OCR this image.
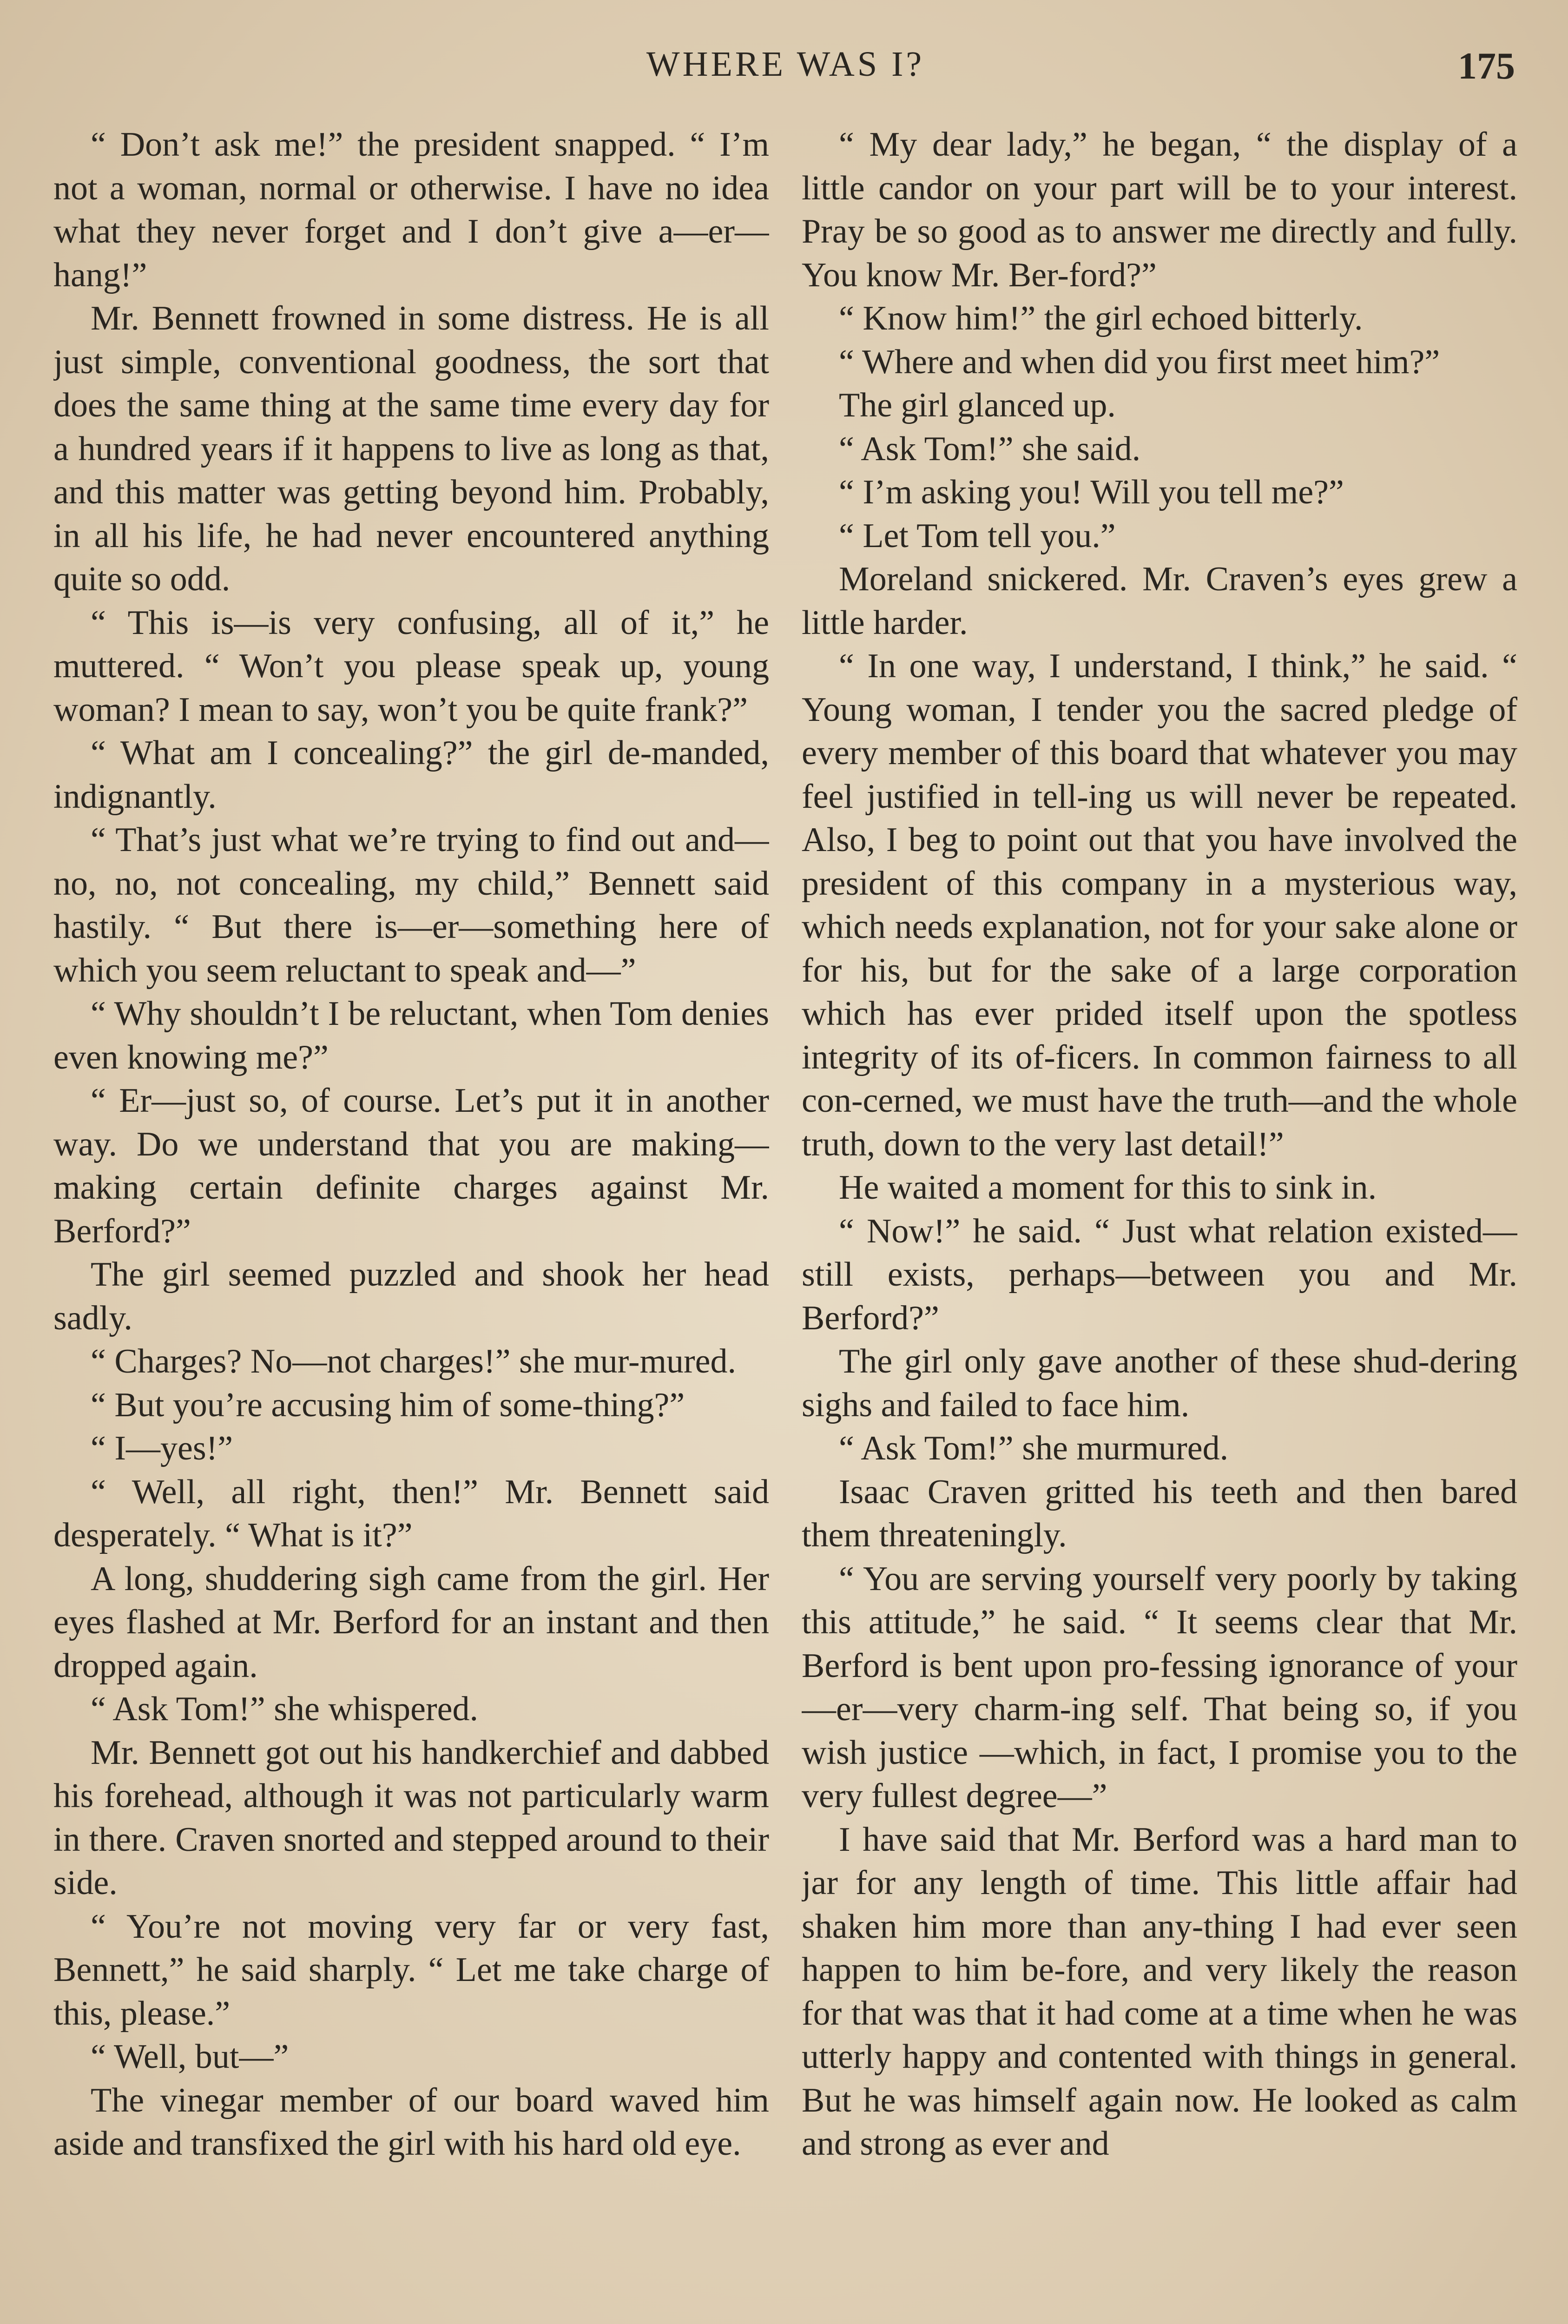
WHERE WAS I?	175

“ Don’t ask me!” the president snapped. “ I’m not a woman, normal or otherwise. I have no idea what they never forget and I don’t give a—er—hang!”

Mr. Bennett frowned in some distress. He is all just simple, conventional goodness, the sort that does the same thing at the same time every day for a hundred years if it happens to live as long as that, and this matter was getting beyond him. Probably, in all his life, he had never encountered anything quite so odd.

“ This is—is very confusing, all of it,” he muttered. “ Won’t you please speak up, young woman? I mean to say, won’t you be quite frank?”

“ What am I concealing?” the girl de-manded, indignantly.

“ That’s just what we’re trying to find out and—no, no, not concealing, my child,” Bennett said hastily. “ But there is—er—something here of which you seem reluctant to speak and—”

“ Why shouldn’t I be reluctant, when Tom denies even knowing me?”

“ Er—just so, of course. Let’s put it in another way. Do we understand that you are making—making certain definite charges against Mr. Berford?”

The girl seemed puzzled and shook her head sadly.

“ Charges? No—not charges!” she mur-mured.

“ But you’re accusing him of some-thing?”

“ I—yes!”

“ Well, all right, then!” Mr. Bennett said desperately. “ What is it?”

A long, shuddering sigh came from the girl. Her eyes flashed at Mr. Berford for an instant and then dropped again.

“ Ask Tom!” she whispered.

Mr. Bennett got out his handkerchief and dabbed his forehead, although it was not particularly warm in there. Craven snorted and stepped around to their side.

“ You’re not moving very far or very fast, Bennett,” he said sharply. “ Let me take charge of this, please.”

“ Well, but—”

The vinegar member of our board waved him aside and transfixed the girl with his hard old eye.

“ My dear lady,” he began, “ the display of a little candor on your part will be to your interest. Pray be so good as to answer me directly and fully. You know Mr. Ber-ford?”

“ Know him!” the girl echoed bitterly.

“ Where and when did you first meet him?”

The girl glanced up.

“ Ask Tom!” she said.

“ I’m asking you! Will you tell me?”

“ Let Tom tell you.”

Moreland snickered. Mr. Craven’s eyes grew a little harder.

“ In one way, I understand, I think,” he said. “ Young woman, I tender you the sacred pledge of every member of this board that whatever you may feel justified in tell-ing us will never be repeated. Also, I beg to point out that you have involved the president of this company in a mysterious way, which needs explanation, not for your sake alone or for his, but for the sake of a large corporation which has ever prided itself upon the spotless integrity of its of-ficers. In common fairness to all con-cerned, we must have the truth—and the whole truth, down to the very last detail!”

He waited a moment for this to sink in.

“ Now!” he said. “ Just what relation existed—still exists, perhaps—between you and Mr. Berford?”

The girl only gave another of these shud-dering sighs and failed to face him.

“ Ask Tom!” she murmured.

Isaac Craven gritted his teeth and then bared them threateningly.

“ You are serving yourself very poorly by taking this attitude,” he said. “ It seems clear that Mr. Berford is bent upon pro-fessing ignorance of your—er—very charm-ing self. That being so, if you wish justice —which, in fact, I promise you to the very fullest degree—”

I have said that Mr. Berford was a hard man to jar for any length of time. This little affair had shaken him more than any-thing I had ever seen happen to him be-fore, and very likely the reason for that was that it had come at a time when he was utterly happy and contented with things in general. But he was himself again now. He looked as calm and strong as ever and
